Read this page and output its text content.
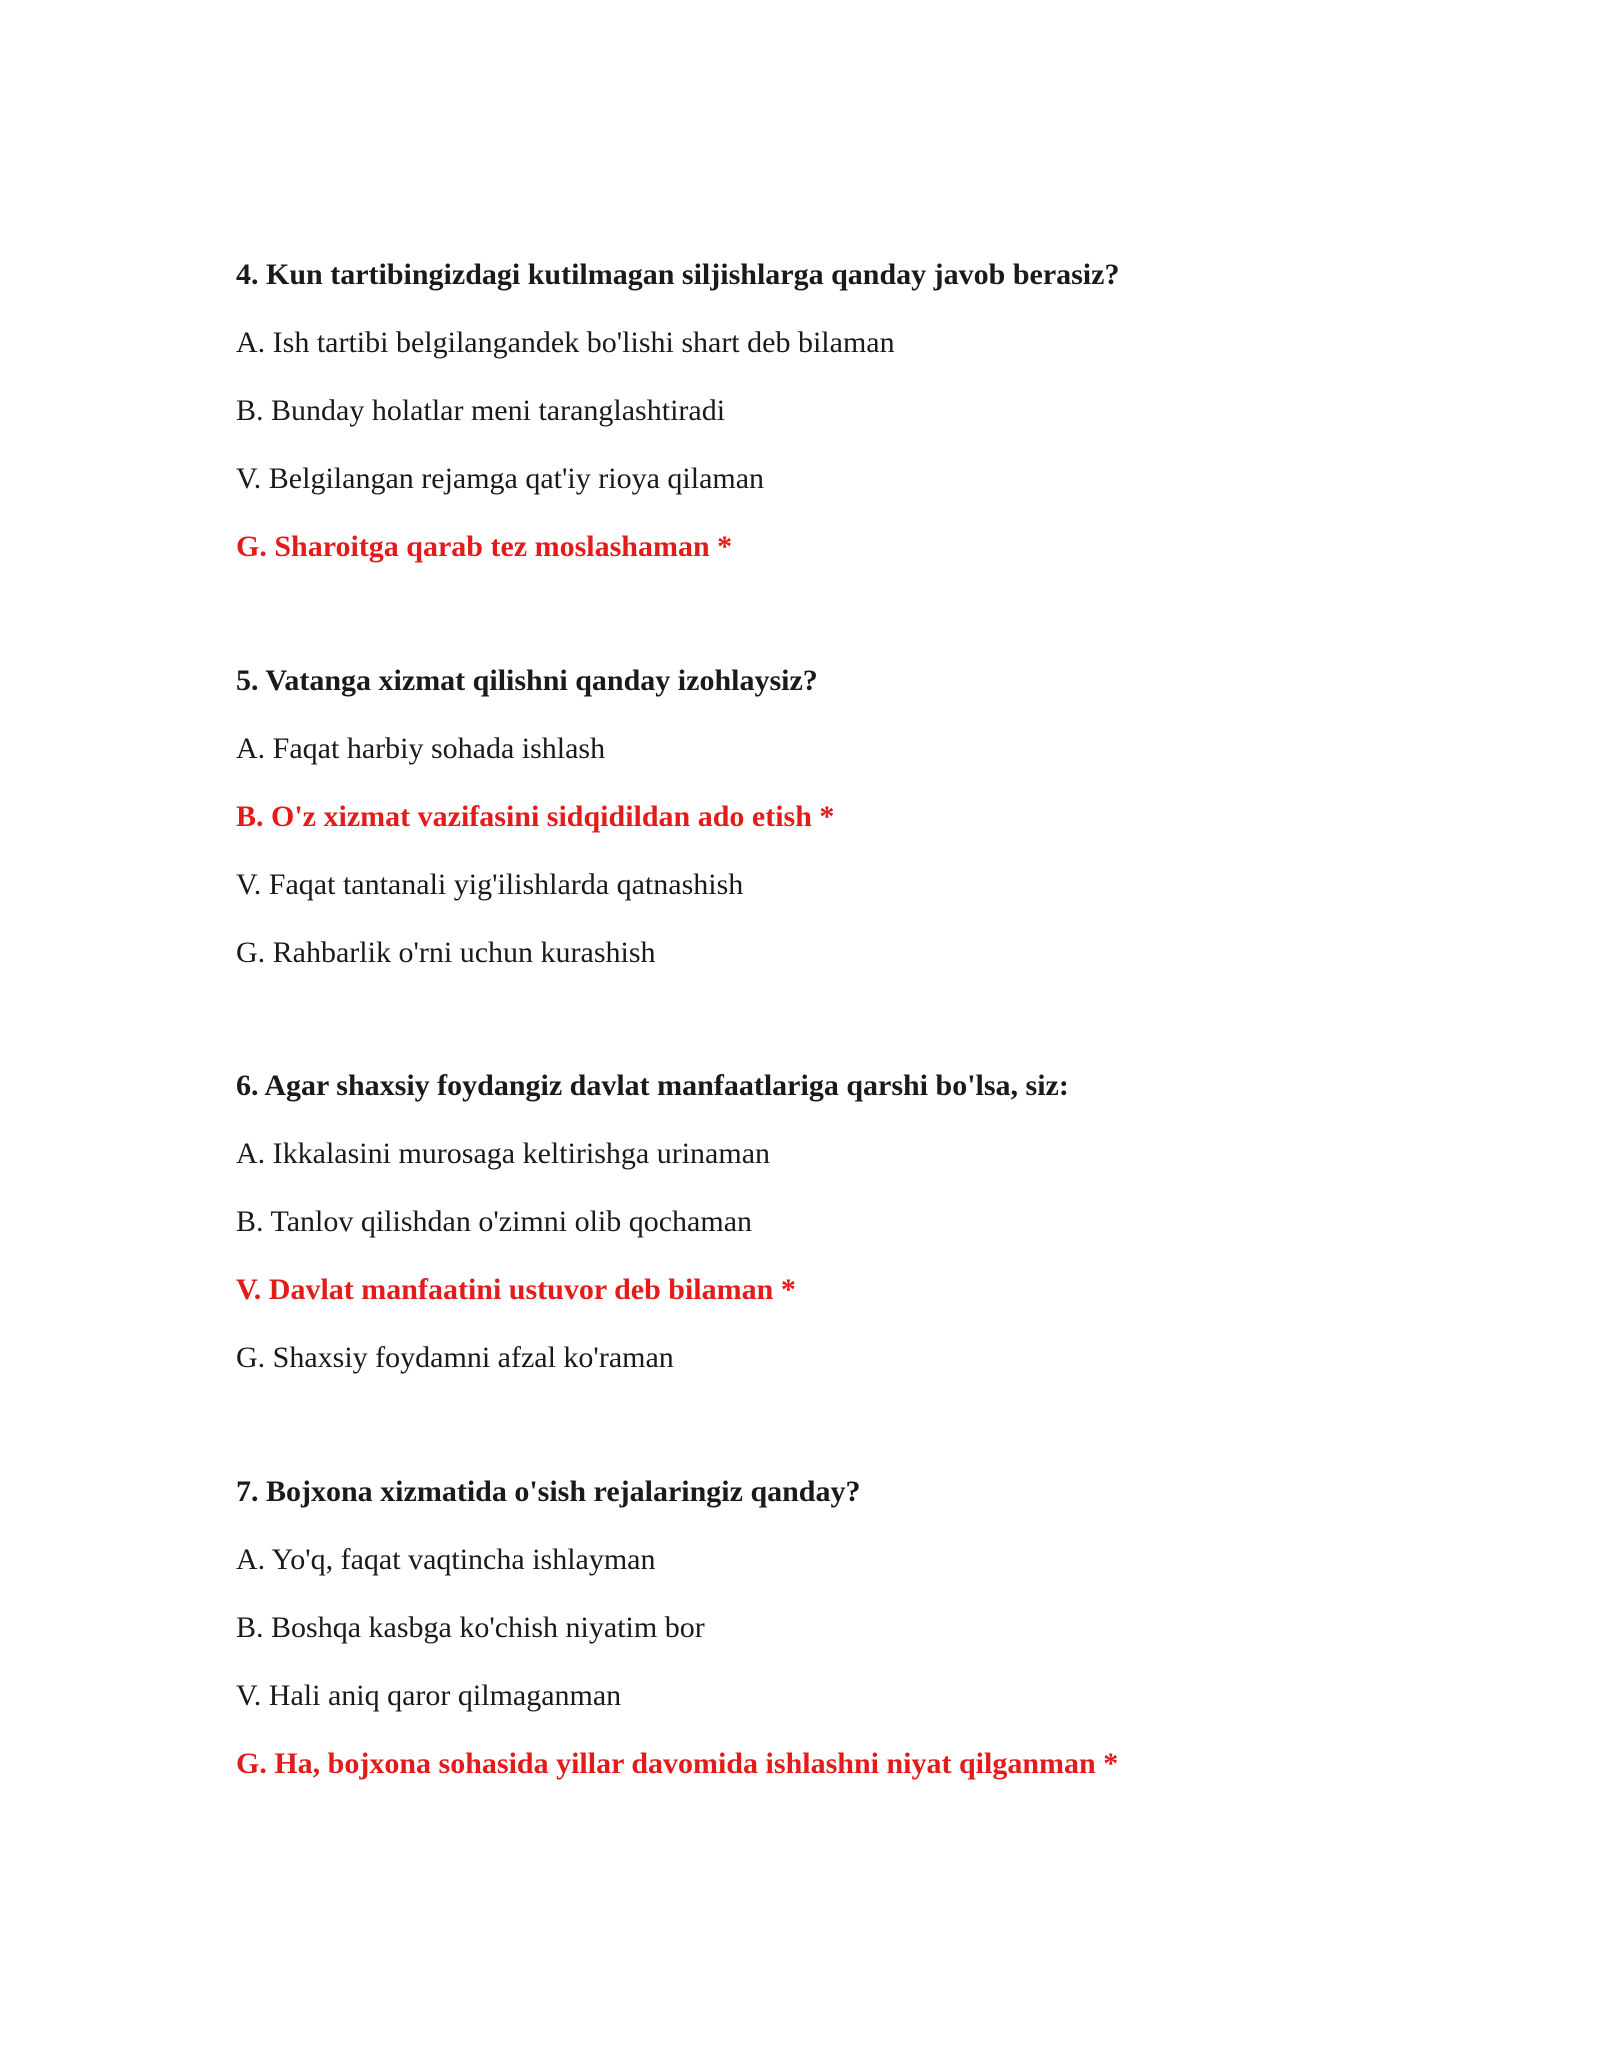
4. Kun tartibingizdagi kutilmagan siljishlarga qanday javob berasiz?
A. Ish tartibi belgilangandek bo'lishi shart deb bilaman
B. Bunday holatlar meni taranglashtiradi
V. Belgilangan rejamga qat'iy rioya qilaman
G. Sharoitga qarab tez moslashaman *
5. Vatanga xizmat qilishni qanday izohlaysiz?
A. Faqat harbiy sohada ishlash
B. O'z xizmat vazifasini sidqidildan ado etish *
V. Faqat tantanali yig'ilishlarda qatnashish
G. Rahbarlik o'rni uchun kurashish
6. Agar shaxsiy foydangiz davlat manfaatlariga qarshi bo'lsa, siz:
A. Ikkalasini murosaga keltirishga urinaman
B. Tanlov qilishdan o'zimni olib qochaman
V. Davlat manfaatini ustuvor deb bilaman *
G. Shaxsiy foydamni afzal ko'raman
7. Bojxona xizmatida o'sish rejalaringiz qanday?
A. Yo'q, faqat vaqtincha ishlayman
B. Boshqa kasbga ko'chish niyatim bor
V. Hali aniq qaror qilmaganman
G. Ha, bojxona sohasida yillar davomida ishlashni niyat qilganman *
